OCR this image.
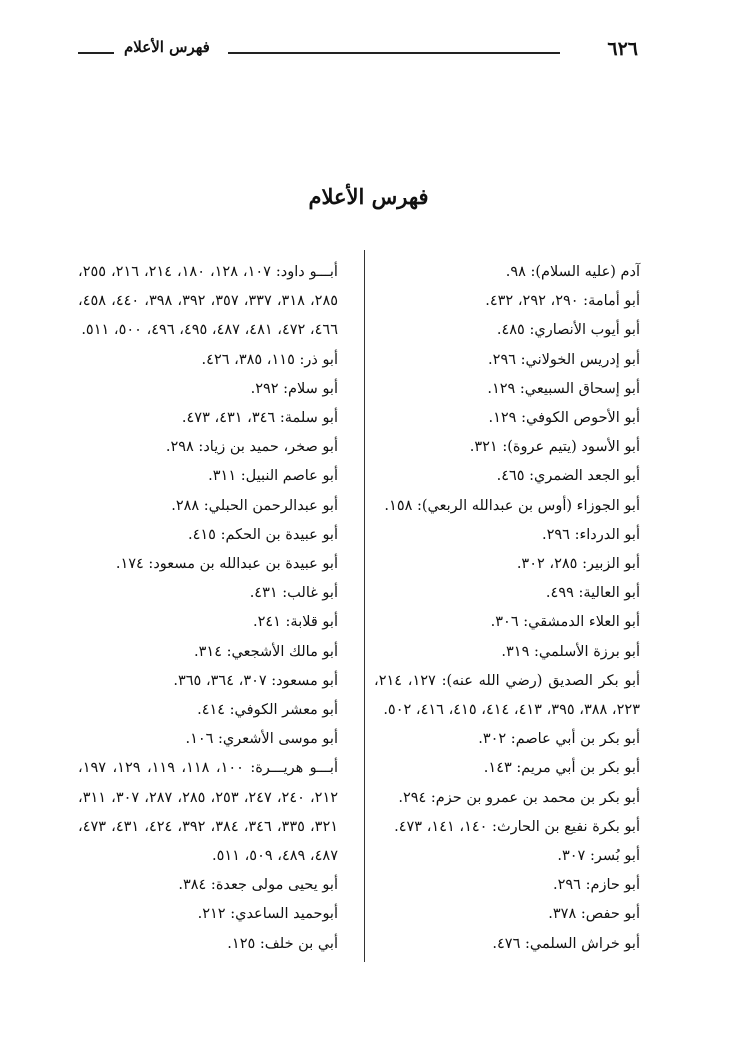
٦٢٦
فهرس الأعلام
فهرس الأعلام
آدم (عليه السلام): ٩٨.
أبو أمامة: ٢٩٠، ٢٩٢، ٤٣٢.
أبو أيوب الأنصاري: ٤٨٥.
أبو إدريس الخولاني: ٢٩٦.
أبو إسحاق السبيعي: ١٢٩.
أبو الأحوص الكوفي: ١٢٩.
أبو الأسود (يتيم عروة): ٣٢١.
أبو الجعد الضمري: ٤٦٥.
أبو الجوزاء (أوس بن عبدالله الربعي): ١٥٨.
أبو الدرداء: ٢٩٦.
أبو الزبير: ٢٨٥، ٣٠٢.
أبو العالية: ٤٩٩.
أبو العلاء الدمشقي: ٣٠٦.
أبو برزة الأسلمي: ٣١٩.
أبو بكر الصديق (رضي الله عنه): ١٢٧، ٢١٤، ٢٢٣، ٣٨٨، ٣٩٥، ٤١٣، ٤١٤، ٤١٥، ٤١٦، ٥٠٢.
أبو بكر بن أبي عاصم: ٣٠٢.
أبو بكر بن أبي مريم: ١٤٣.
أبو بكر بن محمد بن عمرو بن حزم: ٢٩٤.
أبو بكرة نفيع بن الحارث: ١٤٠، ١٤١، ٤٧٣.
أبو بُسر: ٣٠٧.
أبو حازم: ٢٩٦.
أبو حفص: ٣٧٨.
أبو خراش السلمي: ٤٧٦.
أبـــو داود: ١٠٧، ١٢٨، ١٨٠، ٢١٤، ٢١٦، ٢٥٥، ٢٨٥، ٣١٨، ٣٣٧، ٣٥٧، ٣٩٢، ٣٩٨، ٤٤٠، ٤٥٨، ٤٦٦، ٤٧٢، ٤٨١، ٤٨٧، ٤٩٥، ٤٩٦، ٥٠٠، ٥١١.
أبو ذر: ١١٥، ٣٨٥، ٤٢٦.
أبو سلام: ٢٩٢.
أبو سلمة: ٣٤٦، ٤٣١، ٤٧٣.
أبو صخر، حميد بن زياد: ٢٩٨.
أبو عاصم النبيل: ٣١١.
أبو عبدالرحمن الحبلي: ٢٨٨.
أبو عبيدة بن الحكم: ٤١٥.
أبو عبيدة بن عبدالله بن مسعود: ١٧٤.
أبو غالب: ٤٣١.
أبو قلابة: ٢٤١.
أبو مالك الأشجعي: ٣١٤.
أبو مسعود: ٣٠٧، ٣٦٤، ٣٦٥.
أبو معشر الكوفي: ٤١٤.
أبو موسى الأشعري: ١٠٦.
أبـــو هريـــرة: ١٠٠، ١١٨، ١١٩، ١٢٩، ١٩٧، ٢١٢، ٢٤٠، ٢٤٧، ٢٥٣، ٢٨٥، ٢٨٧، ٣٠٧، ٣١١، ٣٢١، ٣٣٥، ٣٤٦، ٣٨٤، ٣٩٢، ٤٢٤، ٤٣١، ٤٧٣، ٤٨٧، ٤٨٩، ٥٠٩، ٥١١.
أبو يحيى مولى جعدة: ٣٨٤.
أبوحميد الساعدي: ٢١٢.
أبي بن خلف: ١٢٥.
